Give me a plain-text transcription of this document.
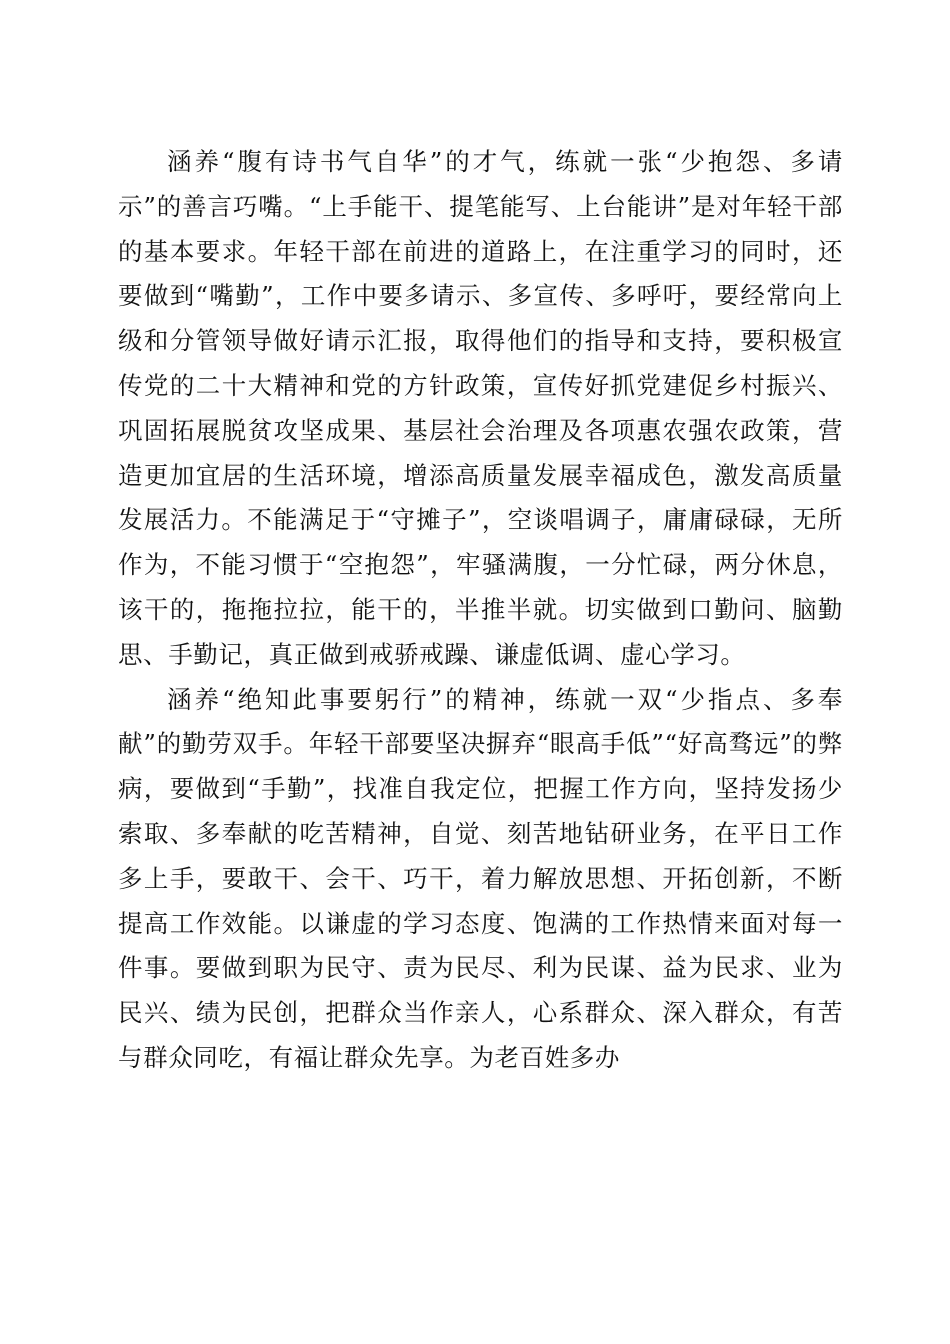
涵养“腹有诗书气自华”的才气，练就一张“少抱怨、多请示”的善言巧嘴。“上手能干、提笔能写、上台能讲”是对年轻干部的基本要求。年轻干部在前进的道路上，在注重学习的同时，还要做到“嘴勤”，工作中要多请示、多宣传、多呼吁，要经常向上级和分管领导做好请示汇报，取得他们的指导和支持，要积极宣传党的二十大精神和党的方针政策，宣传好抓党建促乡村振兴、巩固拓展脱贫攻坚成果、基层社会治理及各项惠农强农政策，营造更加宜居的生活环境，增添高质量发展幸福成色，激发高质量发展活力。不能满足于“守摊子”，空谈唱调子，庸庸碌碌，无所作为，不能习惯于“空抱怨”，牢骚满腹，一分忙碌，两分休息，该干的，拖拖拉拉，能干的，半推半就。切实做到口勤问、脑勤思、手勤记，真正做到戒骄戒躁、谦虚低调、虚心学习。

涵养“绝知此事要躬行”的精神，练就一双“少指点、多奉献”的勤劳双手。年轻干部要坚决摒弃“眼高手低”“好高骛远”的弊病，要做到“手勤”，找准自我定位，把握工作方向，坚持发扬少索取、多奉献的吃苦精神，自觉、刻苦地钻研业务，在平日工作多上手，要敢干、会干、巧干，着力解放思想、开拓创新，不断提高工作效能。以谦虚的学习态度、饱满的工作热情来面对每一件事。要做到职为民守、责为民尽、利为民谋、益为民求、业为民兴、绩为民创，把群众当作亲人，心系群众、深入群众，有苦与群众同吃，有福让群众先享。为老百姓多办
